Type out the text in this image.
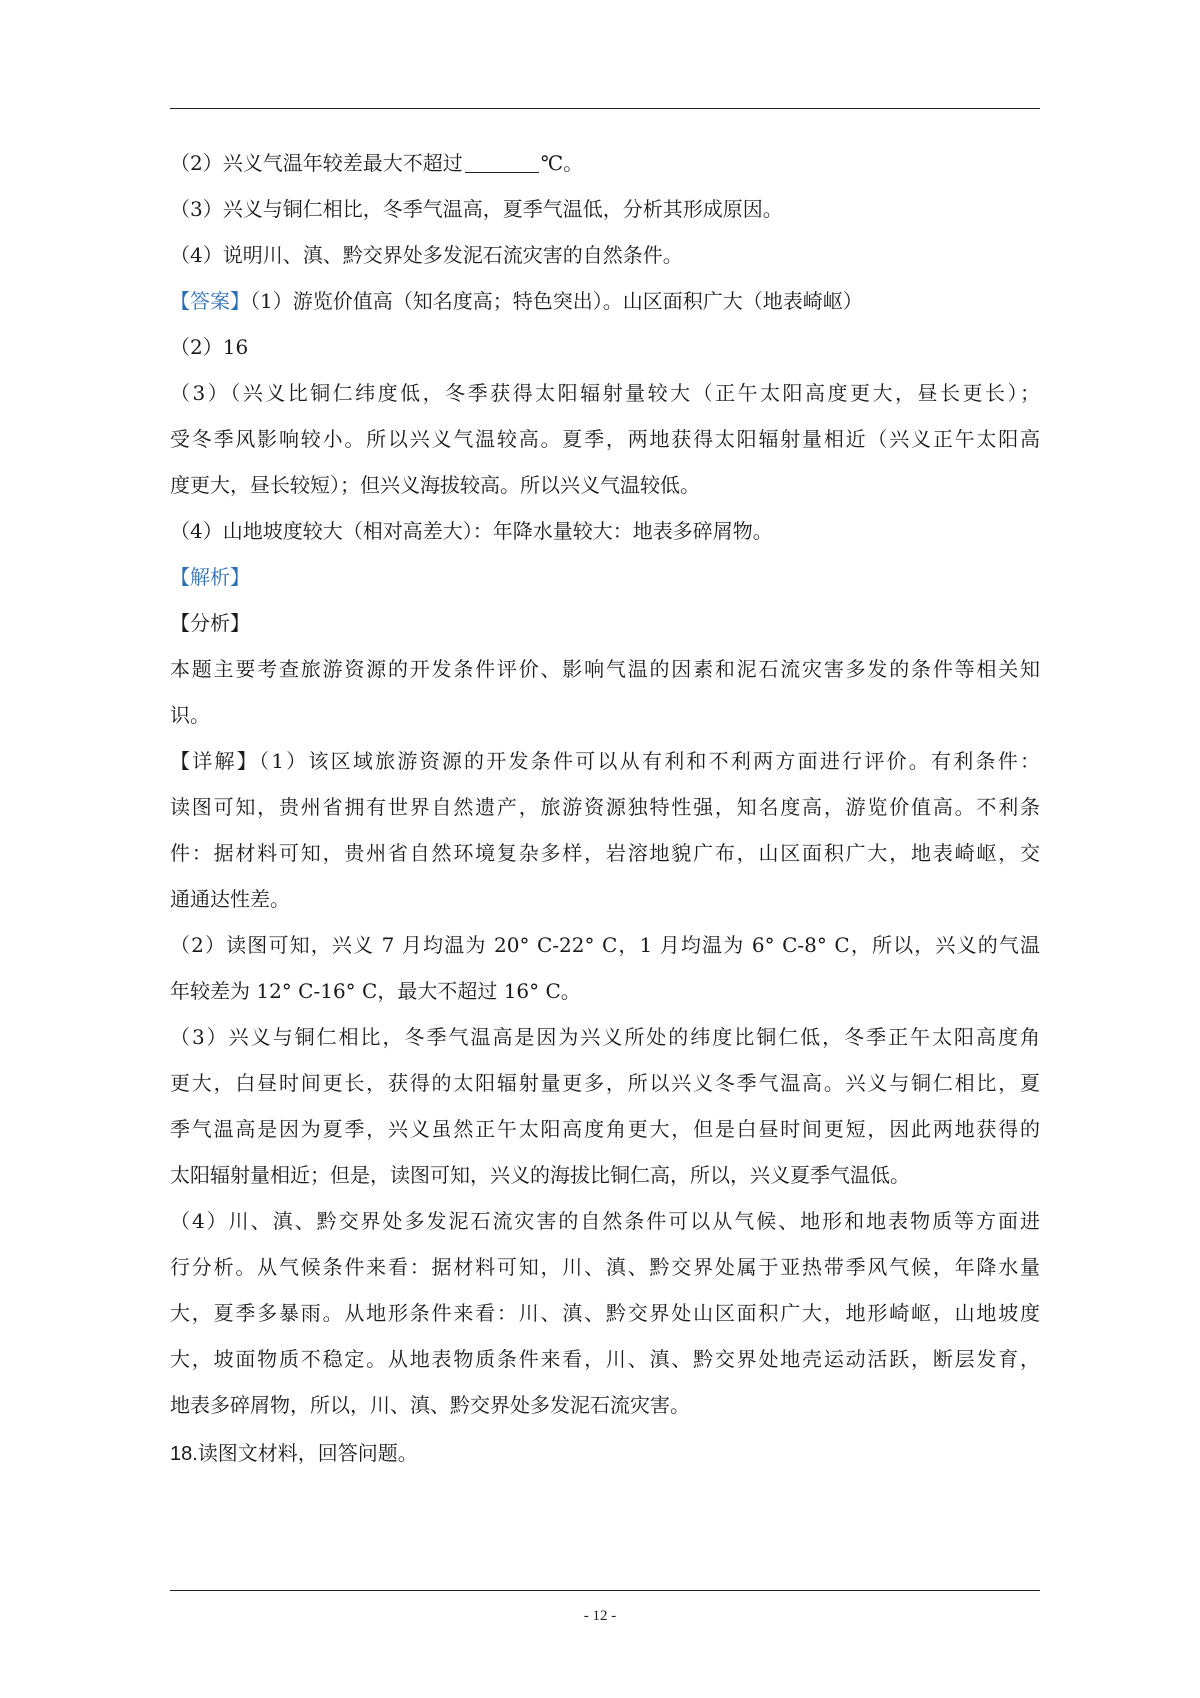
（2）兴义气温年较差最大不超过	℃。
（3）兴义与铜仁相比，冬季气温高，夏季气温低，分析其形成原因。
（4）说明川、滇、黔交界处多发泥石流灾害的自然条件。
【答案】（1）游览价值高（知名度高；特色突出）。山区面积广大（地表崎岖）
（2）16
（3）（兴义比铜仁纬度低，冬季获得太阳辐射量较大（正午太阳高度更大，昼长更长）；
受冬季风影响较小。所以兴义气温较高。夏季，两地获得太阳辐射量相近（兴义正午太阳高
度更大，昼长较短）；但兴义海拔较高。所以兴义气温较低。
（4）山地坡度较大（相对高差大）：年降水量较大：地表多碎屑物。
【解析】
【分析】
本题主要考查旅游资源的开发条件评价、影响气温的因素和泥石流灾害多发的条件等相关知
识。
【详解】（1）该区域旅游资源的开发条件可以从有利和不利两方面进行评价。有利条件：
读图可知，贵州省拥有世界自然遗产，旅游资源独特性强，知名度高，游览价值高。不利条
件：据材料可知，贵州省自然环境复杂多样，岩溶地貌广布，山区面积广大，地表崎岖，交
通通达性差。
（2）读图可知，兴义 7 月均温为 20° C-22° C，1 月均温为 6° C-8° C，所以，兴义的气温
年较差为 12° C-16° C，最大不超过 16° C。
（3）兴义与铜仁相比，冬季气温高是因为兴义所处的纬度比铜仁低，冬季正午太阳高度角
更大，白昼时间更长，获得的太阳辐射量更多，所以兴义冬季气温高。兴义与铜仁相比，夏
季气温高是因为夏季，兴义虽然正午太阳高度角更大，但是白昼时间更短，因此两地获得的
太阳辐射量相近；但是，读图可知，兴义的海拔比铜仁高，所以，兴义夏季气温低。
（4）川、滇、黔交界处多发泥石流灾害的自然条件可以从气候、地形和地表物质等方面进
行分析。从气候条件来看：据材料可知，川、滇、黔交界处属于亚热带季风气候，年降水量
大，夏季多暴雨。从地形条件来看：川、滇、黔交界处山区面积广大，地形崎岖，山地坡度
大，坡面物质不稳定。从地表物质条件来看，川、滇、黔交界处地壳运动活跃，断层发育，
地表多碎屑物，所以，川、滇、黔交界处多发泥石流灾害。
18.读图文材料，回答问题。
- 12 -
